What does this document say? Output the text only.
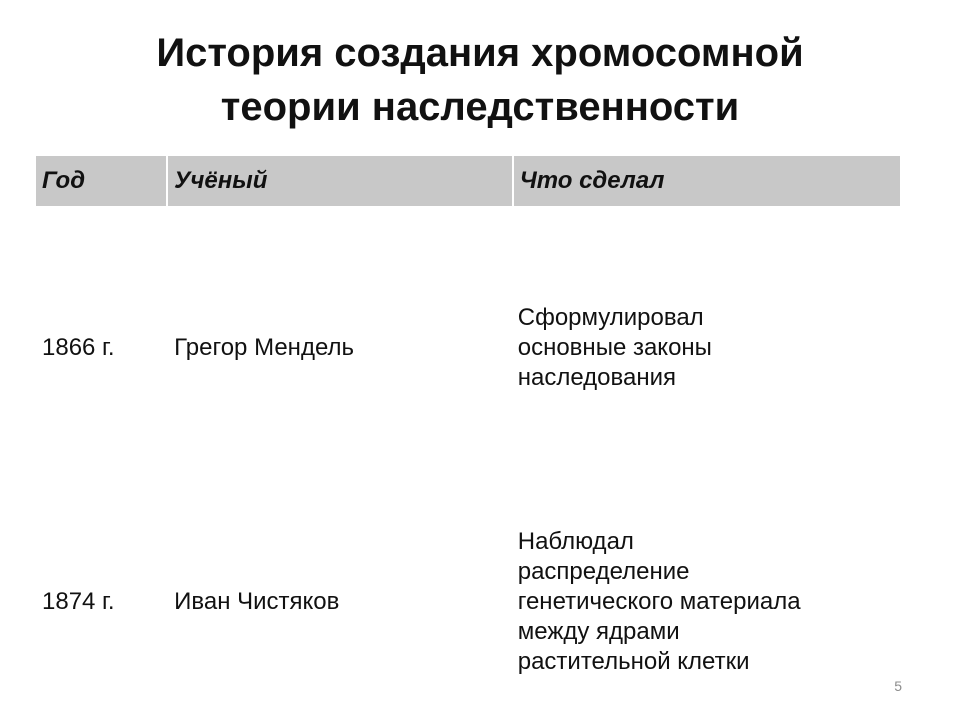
История создания хромосомной
теории наследственности
Год	Учёный	Что сделал
1866 г.	Грегор Мендель	Сформулировал
основные законы
наследования
1874 г.	Иван Чистяков	Наблюдал
распределение
генетического материала
между ядрами
растительной клетки
5
